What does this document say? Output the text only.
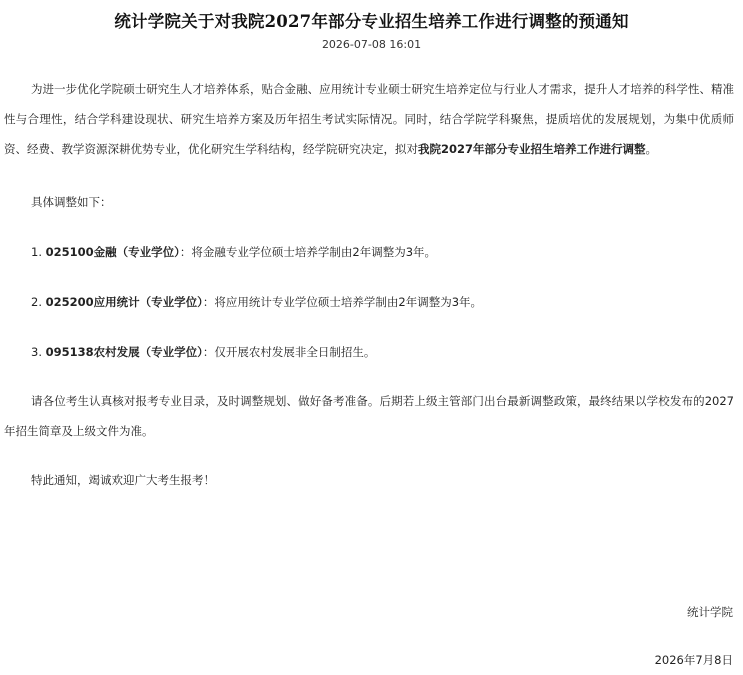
统计学院关于对我院2027年部分专业招生培养工作进行调整的预通知
2026-07-08 16:01

为进一步优化学院硕士研究生人才培养体系，贴合金融、应用统计专业硕士研究生培养定位与行业人才需求，提升人才培养的科学性、精准性与合理性，结合学科建设现状、研究生培养方案及历年招生考试实际情况。同时，结合学院学科聚焦，提质培优的发展规划，为集中优质师资、经费、教学资源深耕优势专业，优化研究生学科结构，经学院研究决定，拟对我院2027年部分专业招生培养工作进行调整。

具体调整如下：

1. 025100金融（专业学位）：将金融专业学位硕士培养学制由2年调整为3年。

2. 025200应用统计（专业学位）：将应用统计专业学位硕士培养学制由2年调整为3年。

3. 095138农村发展（专业学位）：仅开展农村发展非全日制招生。

请各位考生认真核对报考专业目录，及时调整规划、做好备考准备。后期若上级主管部门出台最新调整政策，最终结果以学校发布的2027年招生简章及上级文件为准。

特此通知，竭诚欢迎广大考生报考！

统计学院
2026年7月8日
